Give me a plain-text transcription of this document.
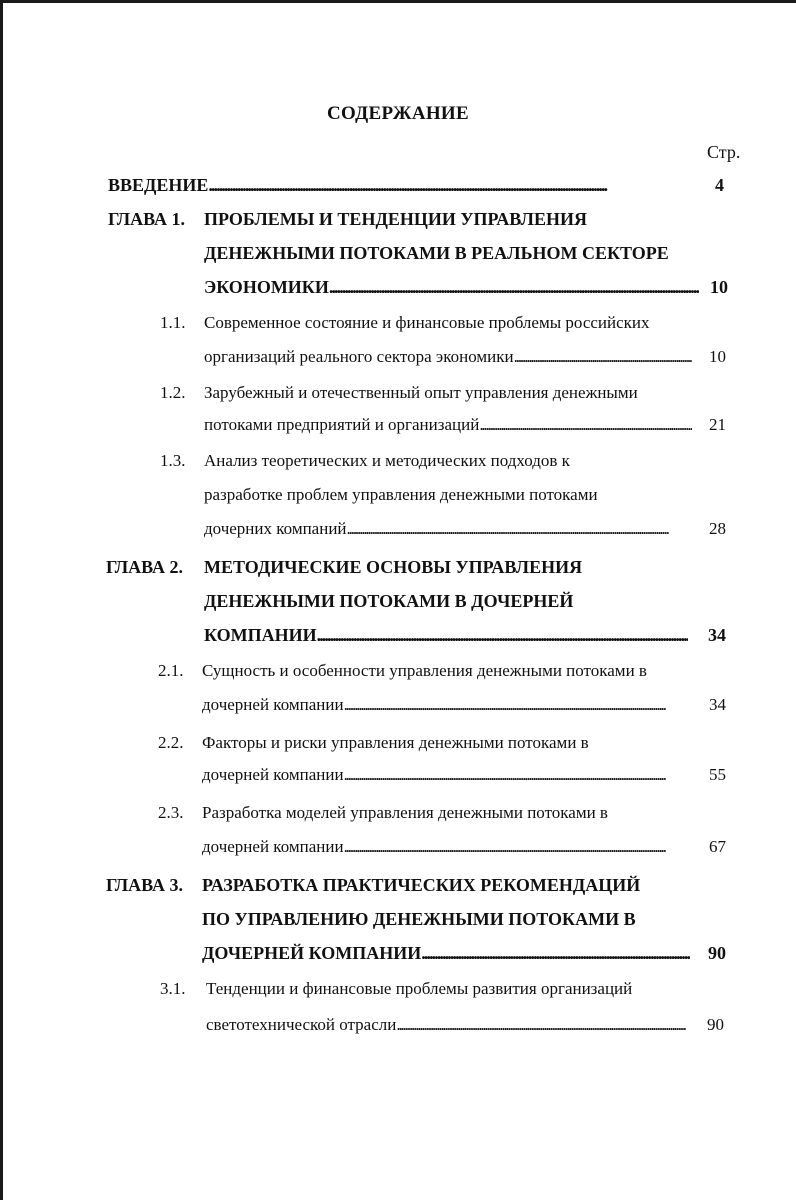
СОДЕРЖАНИЕ
Стр.
ВВЕДЕНИЕ . . .	4
ГЛАВА 1. ПРОБЛЕМЫ И ТЕНДЕНЦИИ УПРАВЛЕНИЯ
ДЕНЕЖНЫМИ ПОТОКАМИ В РЕАЛЬНОМ СЕКТОРЕ
ЭКОНОМИКИ . . .	10
1.1. Современное состояние и финансовые проблемы российских
организаций реального сектора экономики . . .	10
1.2. Зарубежный и отечественный опыт управления денежными
потоками предприятий и организаций . . .	21
1.3. Анализ теоретических и методических подходов к
разработке проблем управления денежными потоками
дочерних компаний . . .	28
ГЛАВА 2. МЕТОДИЧЕСКИЕ ОСНОВЫ УПРАВЛЕНИЯ
ДЕНЕЖНЫМИ ПОТОКАМИ В ДОЧЕРНЕЙ
КОМПАНИИ . . .	34
2.1. Сущность и особенности управления денежными потоками в
дочерней компании . . .	34
2.2. Факторы и риски управления денежными потоками в
дочерней компании . . .	55
2.3. Разработка моделей управления денежными потоками в
дочерней компании . . .	67
ГЛАВА 3. РАЗРАБОТКА ПРАКТИЧЕСКИХ РЕКОМЕНДАЦИЙ
ПО УПРАВЛЕНИЮ ДЕНЕЖНЫМИ ПОТОКАМИ В
ДОЧЕРНЕЙ КОМПАНИИ . . .	90
3.1. Тенденции и финансовые проблемы развития организаций
светотехнической отрасли . . .	90
